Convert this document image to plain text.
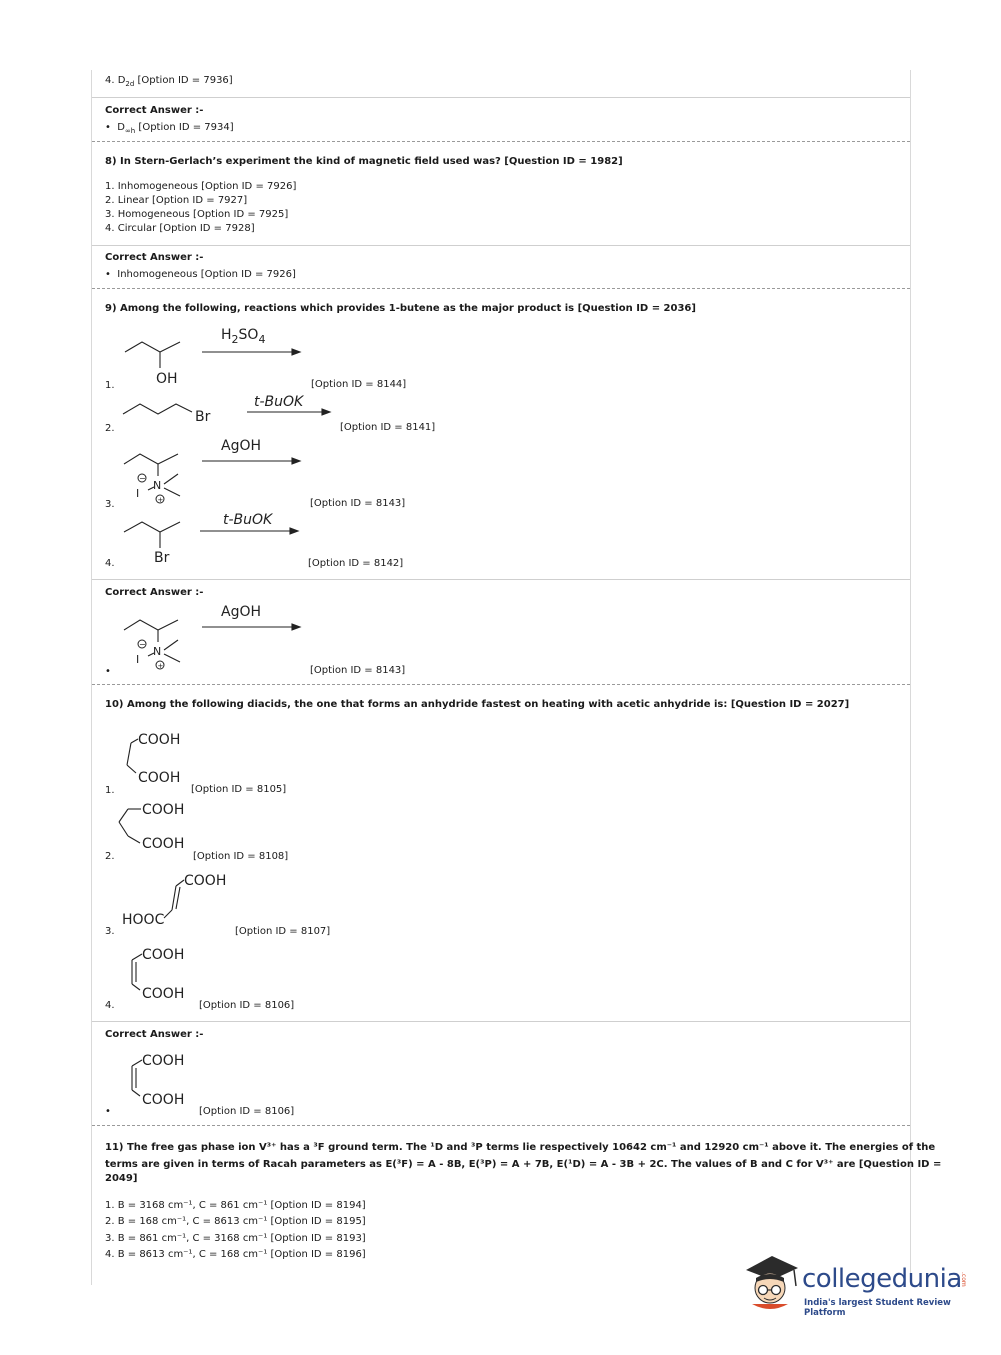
4. $D_{2d}$ [Option ID = 7936]
Correct Answer :-
• $D_{\infty h}$ [Option ID = 7934]
8) In Stern-Gerlach’s experiment the kind of magnetic field used was? [Question ID = 1982]
1. Inhomogeneous [Option ID = 7926]
2. Linear [Option ID = 7927]
3. Homogeneous [Option ID = 7925]
4. Circular [Option ID = 7928]
Correct Answer :-
• Inhomogeneous [Option ID = 7926]
9) Among the following, reactions which provides 1-butene as the major product is [Question ID = 2036]
1.	OH
$H_2SO_4$
[Option ID = 8144]
2.
Br
t-BuOK
[Option ID = 8141]
3.
N
+
I
−
AgOH
[Option ID = 8143]
4.	Br
t-BuOK
[Option ID = 8142]
Correct Answer :-
•
N
+
I
−
AgOH
[Option ID = 8143]
10) Among the following diacids, the one that forms an anhydride fastest on heating with acetic anhydride is: [Question ID = 2027]
1.
COOH
COOH
[Option ID = 8105]
2.
COOH
COOH
[Option ID = 8108]
3.
COOH
HOOC
[Option ID = 8107]
4.
COOH
COOH
[Option ID = 8106]
Correct Answer :-
•
COOH
COOH
[Option ID = 8106]
11) The free gas phase ion V³⁺ has a ³F ground term. The ¹D and ³P terms lie respectively 10642 cm⁻¹ and 12920 cm⁻¹ above it. The energies of the
terms are given in terms of Racah parameters as E(³F) = A - 8B, E(³P) = A + 7B, E(¹D) = A - 3B + 2C. The values of B and C for V³⁺ are [Question ID =
2049]
1. B = 3168 cm⁻¹, C = 861 cm⁻¹ [Option ID = 8194]
2. B = 168 cm⁻¹, C = 8613 cm⁻¹ [Option ID = 8195]
3. B = 861 cm⁻¹, C = 3168 cm⁻¹ [Option ID = 8193]
4. B = 8613 cm⁻¹, C = 168 cm⁻¹ [Option ID = 8196]
collegedunia
.com
India's largest Student Review Platform
